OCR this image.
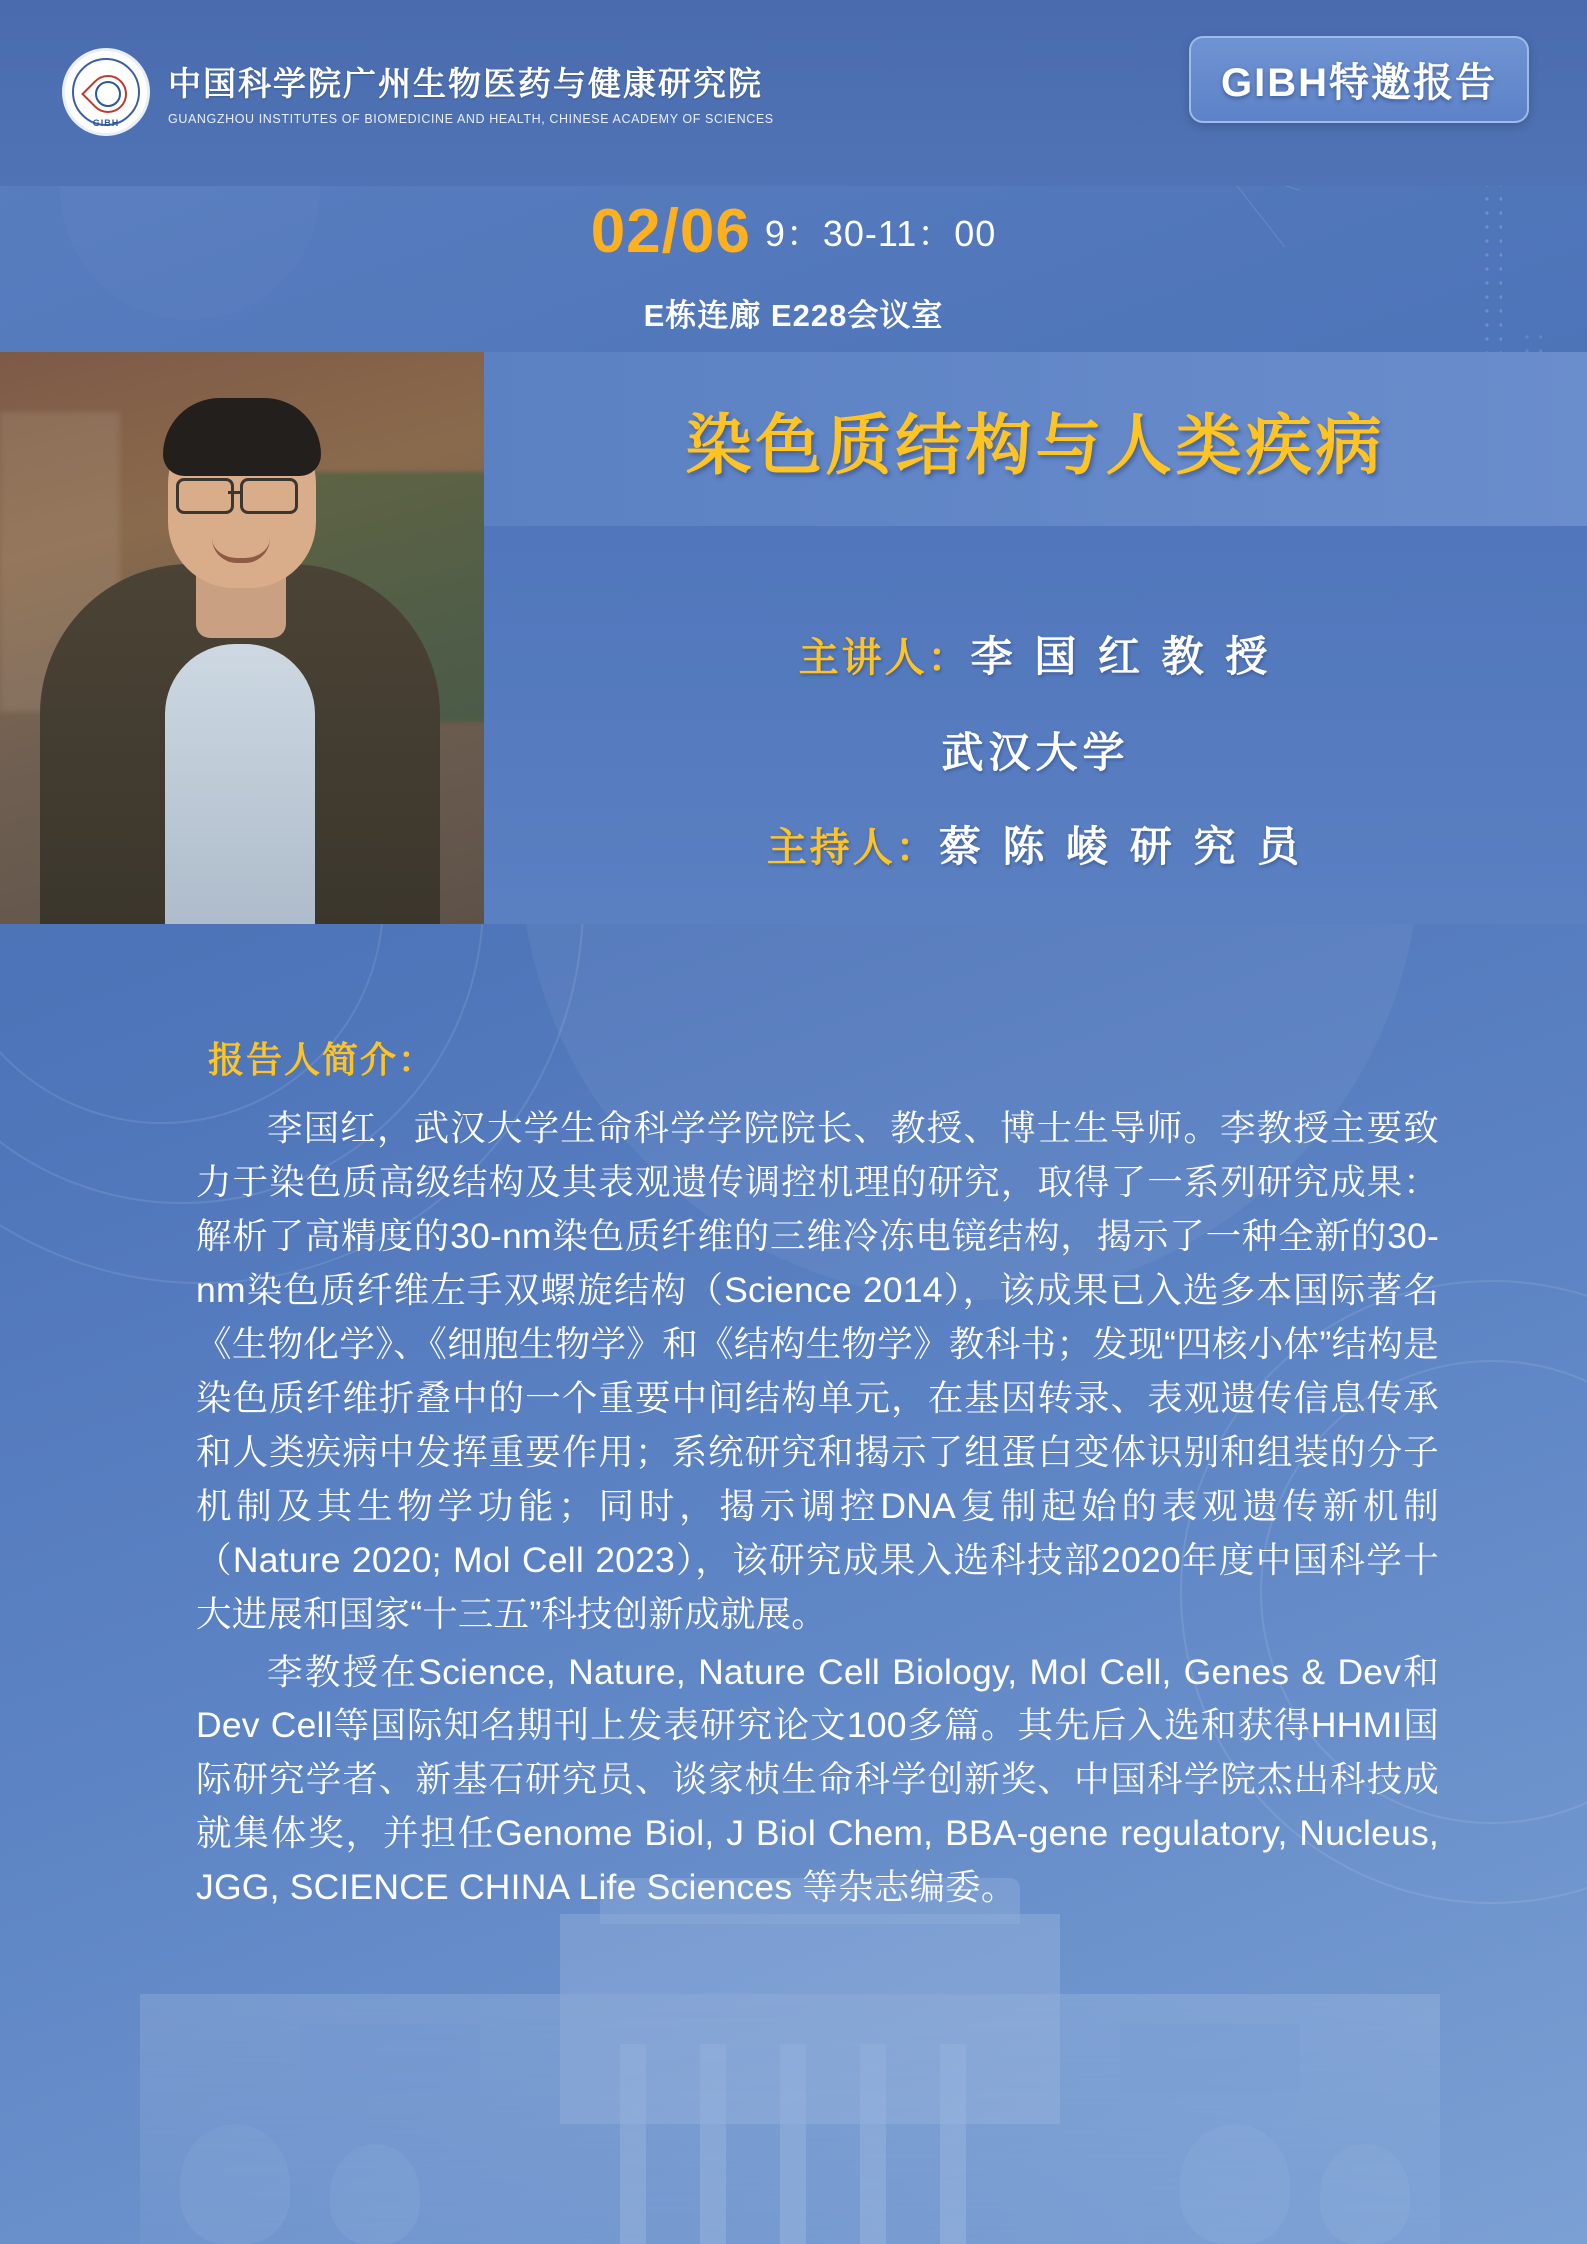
GIBH
中国科学院广州生物医药与健康研究院
GUANGZHOU INSTITUTES OF BIOMEDICINE AND HEALTH, CHINESE ACADEMY OF SCIENCES
GIBH特邀报告
02/06 9：30-11：00
E栋连廊 E228会议室
染色质结构与人类疾病
主讲人：李 国 红 教 授
武汉大学
主持人：蔡 陈 崚 研 究 员
报告人简介：

李国红，武汉大学生命科学学院院长、教授、博士生导师。李教授主要致力于染色质高级结构及其表观遗传调控机理的研究，取得了一系列研究成果：解析了高精度的30-nm染色质纤维的三维冷冻电镜结构，揭示了一种全新的30-nm染色质纤维左手双螺旋结构（Science 2014），该成果已入选多本国际著名《生物化学》、《细胞生物学》和《结构生物学》教科书；发现“四核小体”结构是染色质纤维折叠中的一个重要中间结构单元，在基因转录、表观遗传信息传承和人类疾病中发挥重要作用；系统研究和揭示了组蛋白变体识别和组装的分子机制及其生物学功能；同时，揭示调控DNA复制起始的表观遗传新机制（Nature 2020; Mol Cell 2023），该研究成果入选科技部2020年度中国科学十大进展和国家“十三五”科技创新成就展。

李教授在Science, Nature, Nature Cell Biology, Mol Cell, Genes & Dev和Dev Cell等国际知名期刊上发表研究论文100多篇。其先后入选和获得HHMI国际研究学者、新基石研究员、谈家桢生命科学创新奖、中国科学院杰出科技成就集体奖，并担任Genome Biol, J Biol Chem, BBA-gene regulatory, Nucleus, JGG, SCIENCE CHINA Life Sciences 等杂志编委。
